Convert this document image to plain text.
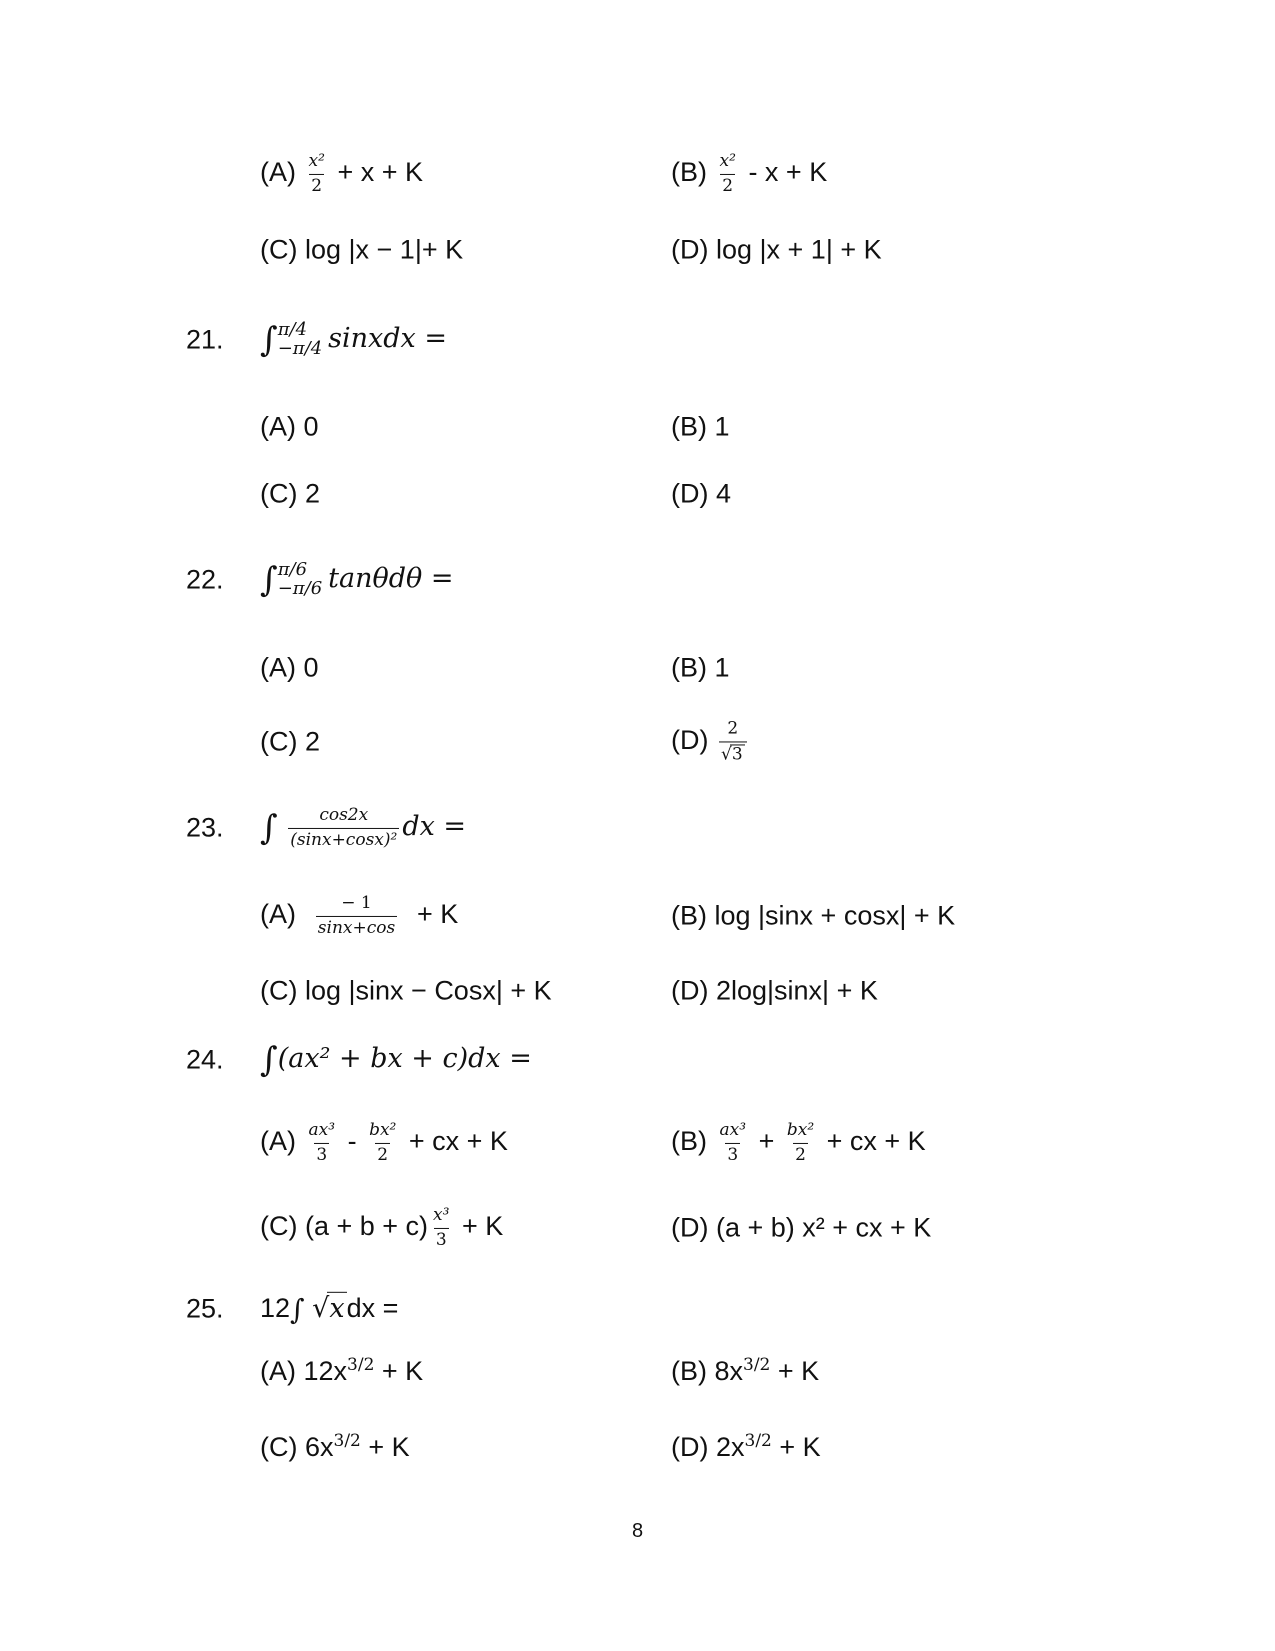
$(A) \frac{\text{x²}}{2} + x + K$	$(B) \frac{\text{x²}}{2} - x + K$
(C) log |x − 1|+ K	(D) log |x + 1| + K
21. ∫ π/4
−π/4 sinxdx =
(A) 0	(B) 1
(C) 2	(D) 4
22. ∫ π/6
−π/6 tanθdθ =
(A) 0	(B) 1
(C) 2	$(D) \frac{2}{√3}$
23. ∫ $\frac{\cos 2x}{\text{(sinx+cosx)²}}$ dx =
$(A) \frac{- 1}{\sin x+\cos} + K$	(B) log |sinx + cosx| + K
(C) log |sinx − Cosx| + K	(D) 2log|sinx| + K
24. ∫(ax² + bx + c)dx =
$(A) \frac{\text{ax³}}{3} - \frac{\text{bx²}}{2}$ + cx + K	$(B) \frac{\text{ax³}}{3} + \frac{\text{bx²}}{2}$ + cx + K
(C) $(a + b + c) \frac{\text{x³}}{3} + K$	(D) (a + b) x² + cx + K
25. 12∫ √xdx =
(A) $12x^{3/2} + K$	(B) $8x^{3/2} + K$
(C) $6x^{3/2} + K$	(D) $2x^{3/2} + K$
8
